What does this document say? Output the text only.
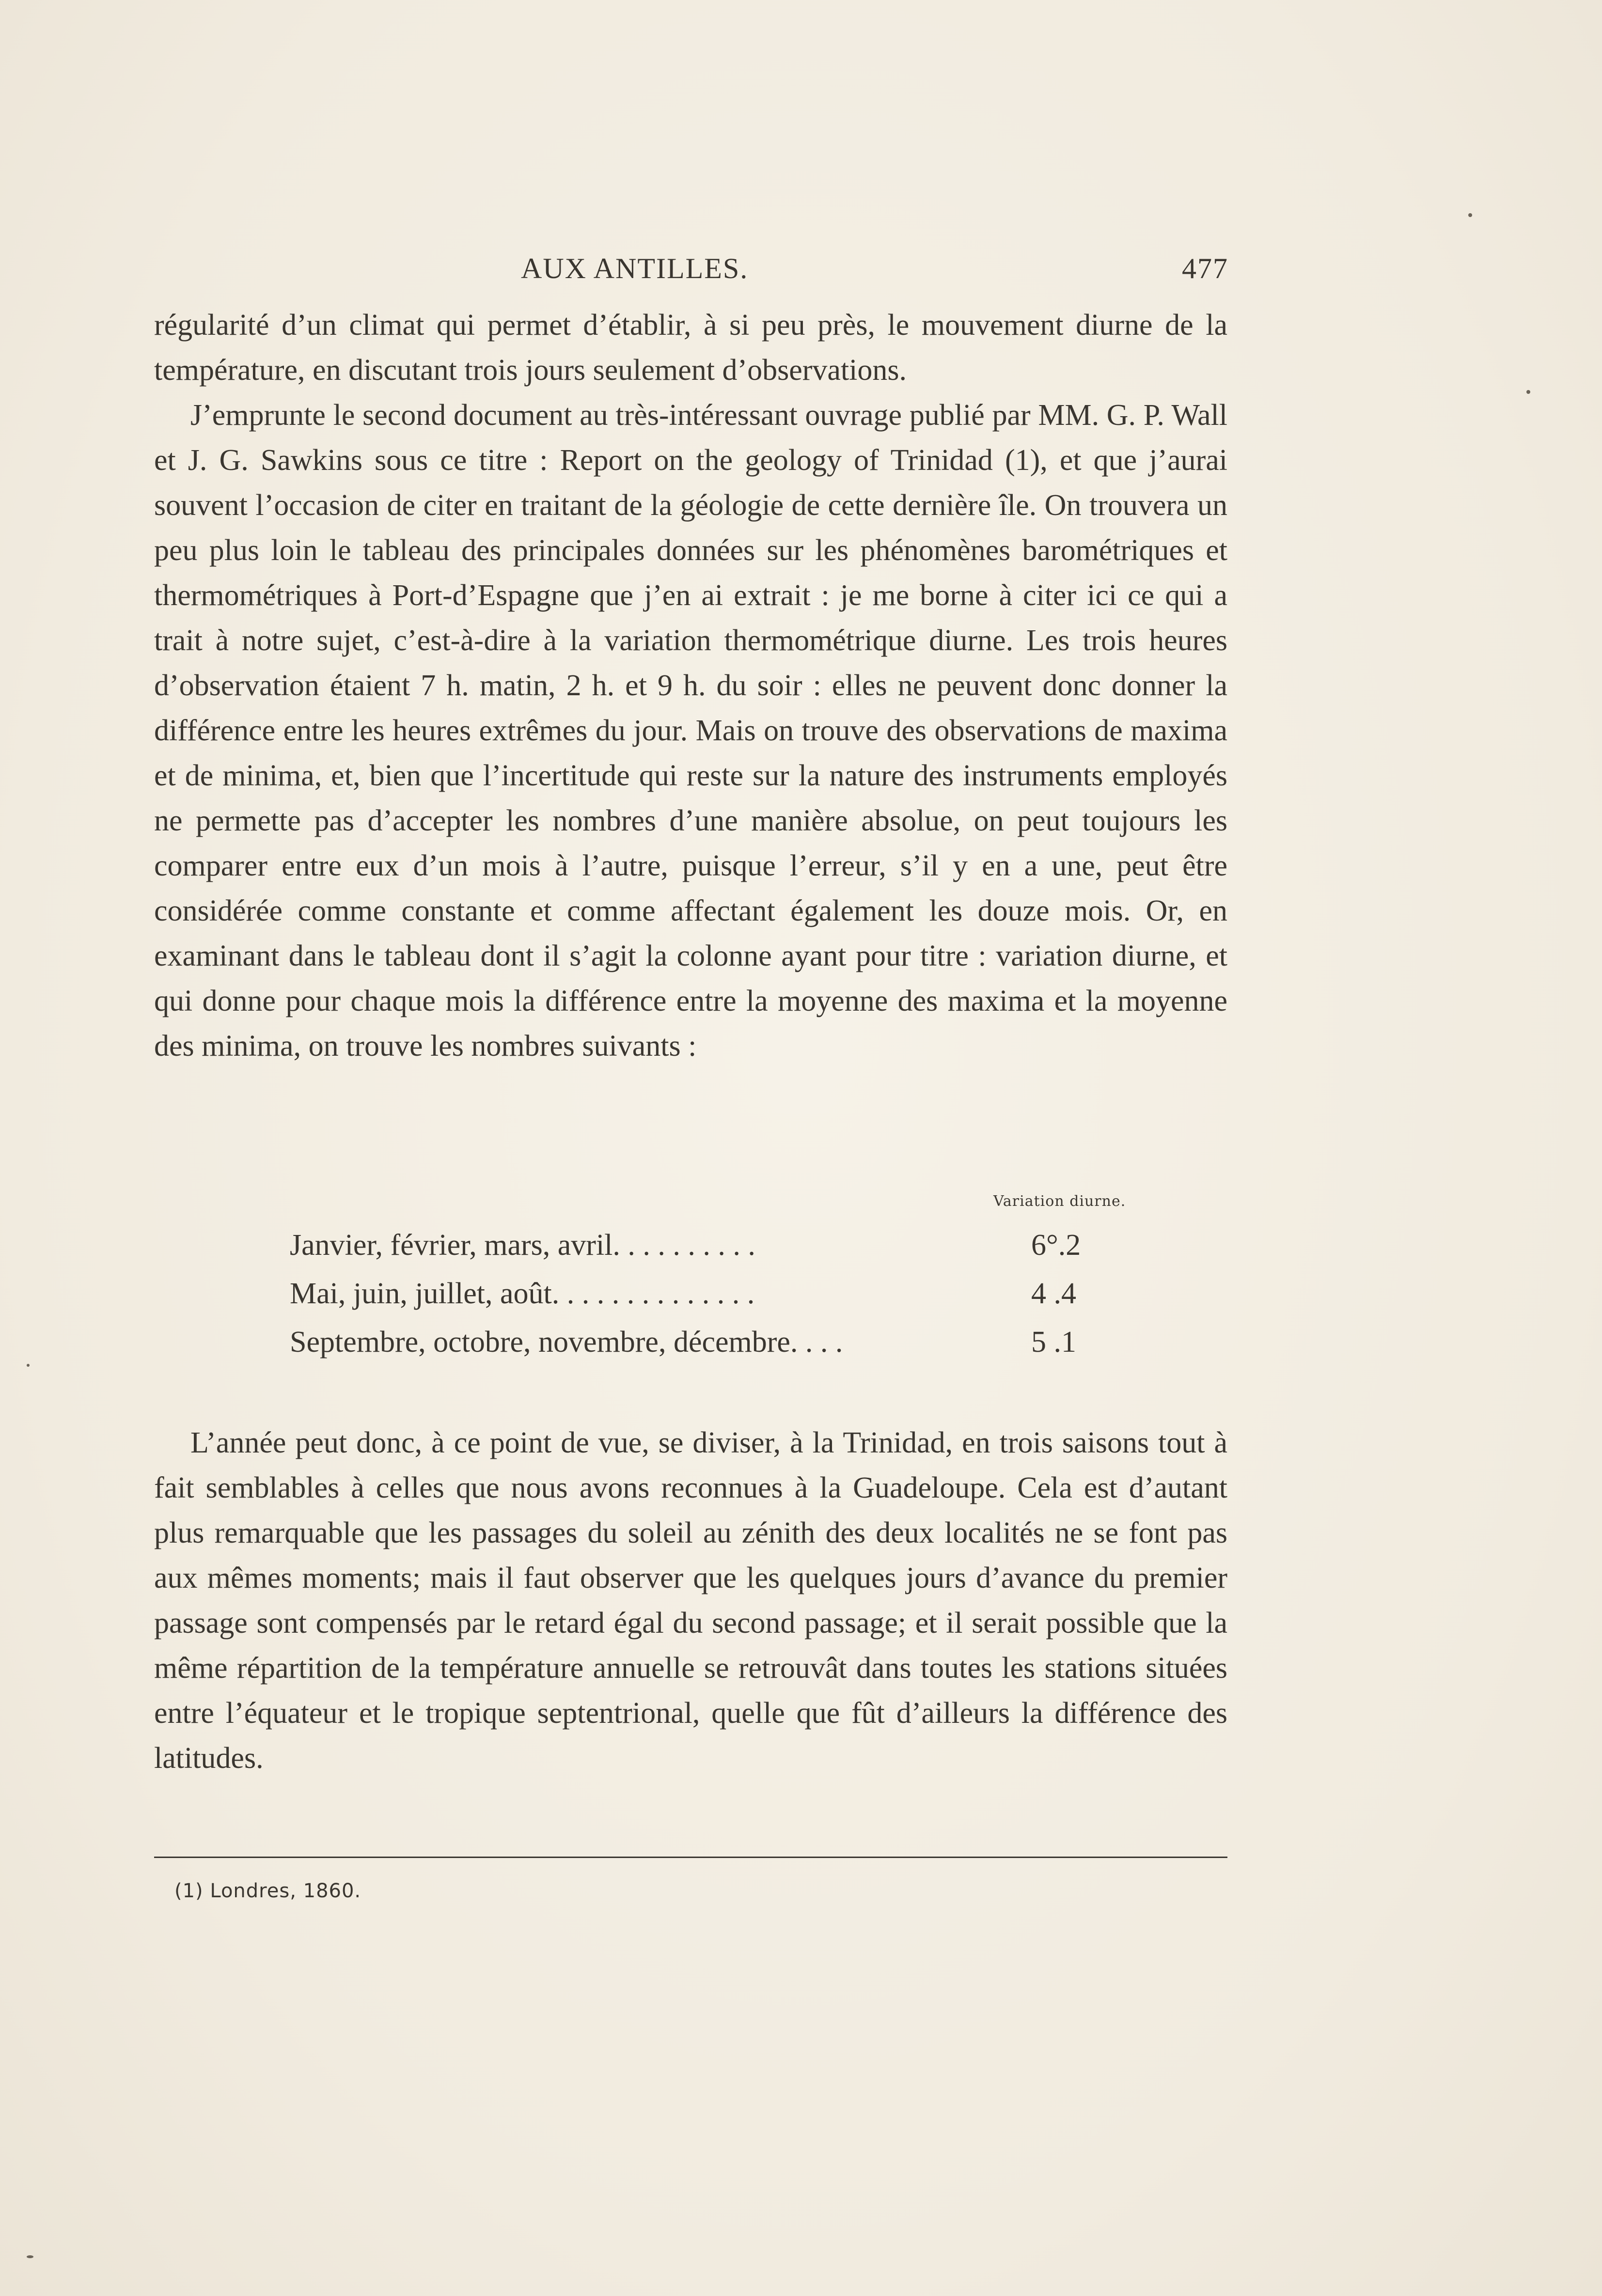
AUX ANTILLES.	477

régularité d’un climat qui permet d’établir, à si peu près, le mouvement diurne de la température, en discutant trois jours seulement d’observations.

J’emprunte le second document au très-intéressant ouvrage publié par MM. G. P. Wall et J. G. Sawkins sous ce titre : Report on the geology of Trinidad (1), et que j’aurai souvent l’occasion de citer en traitant de la géologie de cette dernière île. On trouvera un peu plus loin le tableau des principales données sur les phénomènes barométriques et thermométriques à Port-d’Espagne que j’en ai extrait : je me borne à citer ici ce qui a trait à notre sujet, c’est-à-dire à la variation thermométrique diurne. Les trois heures d’observation étaient 7 h. matin, 2 h. et 9 h. du soir : elles ne peuvent donc donner la différence entre les heures extrêmes du jour. Mais on trouve des observations de maxima et de minima, et, bien que l’incertitude qui reste sur la nature des instruments employés ne permette pas d’accepter les nombres d’une manière absolue, on peut toujours les comparer entre eux d’un mois à l’autre, puisque l’erreur, s’il y en a une, peut être considérée comme constante et comme affectant également les douze mois. Or, en examinant dans le tableau dont il s’agit la colonne ayant pour titre : variation diurne, et qui donne pour chaque mois la différence entre la moyenne des maxima et la moyenne des minima, on trouve les nombres suivants :

Variation diurne.
Janvier, février, mars, avril. . . . . . . . . .	6°.2
Mai, juin, juillet, août. . . . . . . . . . . . . .	4 .4
Septembre, octobre, novembre, décembre. . . .	5 .1

L’année peut donc, à ce point de vue, se diviser, à la Trinidad, en trois saisons tout à fait semblables à celles que nous avons reconnues à la Guadeloupe. Cela est d’autant plus remarquable que les passages du soleil au zénith des deux localités ne se font pas aux mêmes moments; mais il faut observer que les quelques jours d’avance du premier passage sont compensés par le retard égal du second passage; et il serait possible que la même répartition de la température annuelle se retrouvât dans toutes les stations situées entre l’équateur et le tropique septentrional, quelle que fût d’ailleurs la différence des latitudes.

(1) Londres, 1860.
